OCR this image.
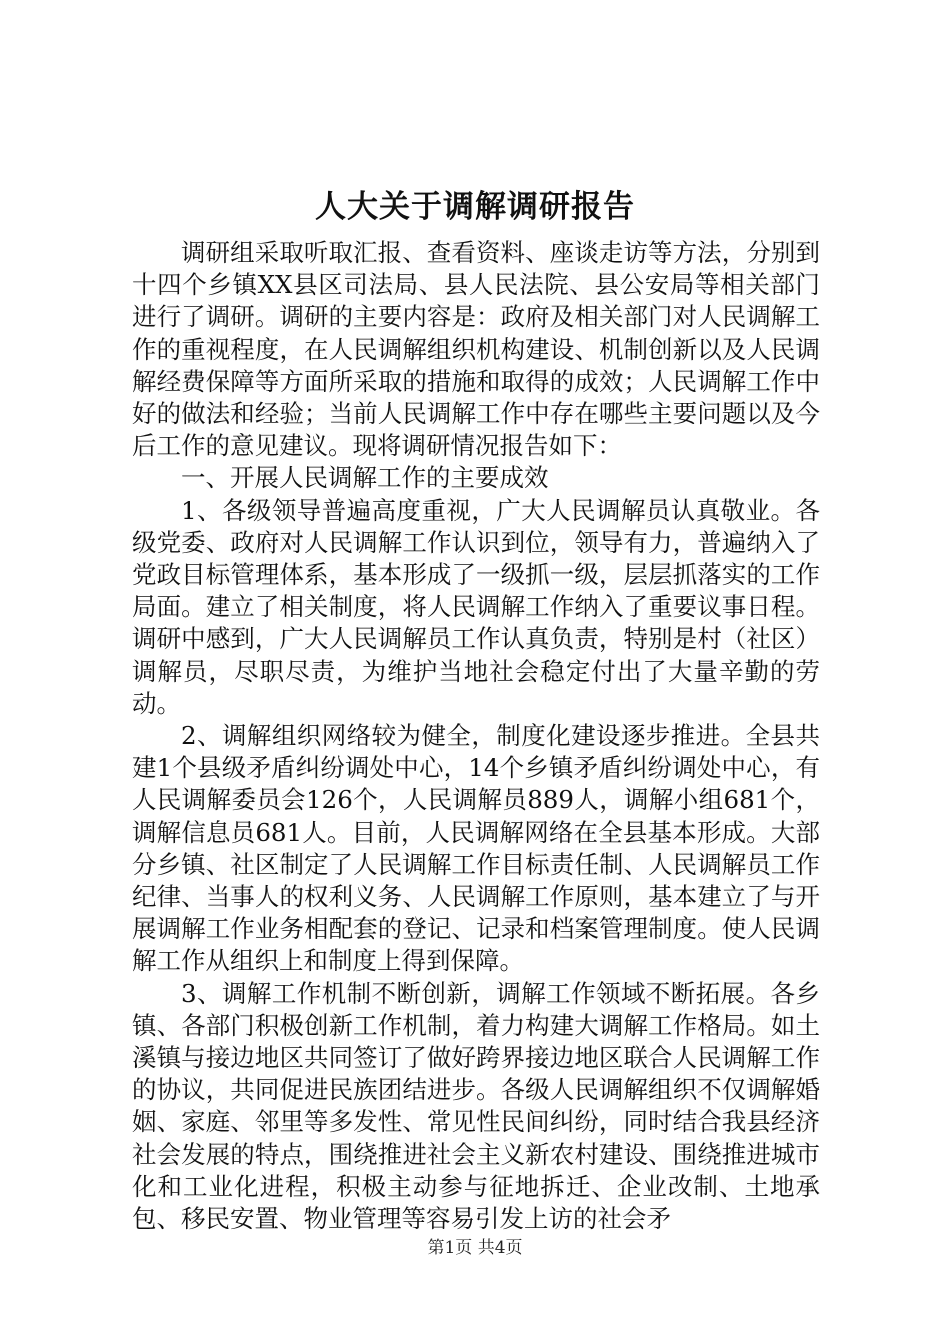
人大关于调解调研报告

调研组采取听取汇报、查看资料、座谈走访等方法，分别到十四个乡镇XX县区司法局、县人民法院、县公安局等相关部门进行了调研。调研的主要内容是：政府及相关部门对人民调解工作的重视程度，在人民调解组织机构建设、机制创新以及人民调解经费保障等方面所采取的措施和取得的成效；人民调解工作中好的做法和经验；当前人民调解工作中存在哪些主要问题以及今后工作的意见建议。现将调研情况报告如下：

一、开展人民调解工作的主要成效

1、各级领导普遍高度重视，广大人民调解员认真敬业。各级党委、政府对人民调解工作认识到位，领导有力，普遍纳入了党政目标管理体系，基本形成了一级抓一级，层层抓落实的工作局面。建立了相关制度，将人民调解工作纳入了重要议事日程。调研中感到，广大人民调解员工作认真负责，特别是村（社区）调解员，尽职尽责，为维护当地社会稳定付出了大量辛勤的劳动。

2、调解组织网络较为健全，制度化建设逐步推进。全县共建1个县级矛盾纠纷调处中心，14个乡镇矛盾纠纷调处中心，有人民调解委员会126个，人民调解员889人，调解小组681个，调解信息员681人。目前，人民调解网络在全县基本形成。大部分乡镇、社区制定了人民调解工作目标责任制、人民调解员工作纪律、当事人的权利义务、人民调解工作原则，基本建立了与开展调解工作业务相配套的登记、记录和档案管理制度。使人民调解工作从组织上和制度上得到保障。

3、调解工作机制不断创新，调解工作领域不断拓展。各乡镇、各部门积极创新工作机制，着力构建大调解工作格局。如土溪镇与接边地区共同签订了做好跨界接边地区联合人民调解工作的协议，共同促进民族团结进步。各级人民调解组织不仅调解婚姻、家庭、邻里等多发性、常见性民间纠纷，同时结合我县经济社会发展的特点，围绕推进社会主义新农村建设、围绕推进城市化和工业化进程，积极主动参与征地拆迁、企业改制、土地承包、移民安置、物业管理等容易引发上访的社会矛

第1页 共4页
